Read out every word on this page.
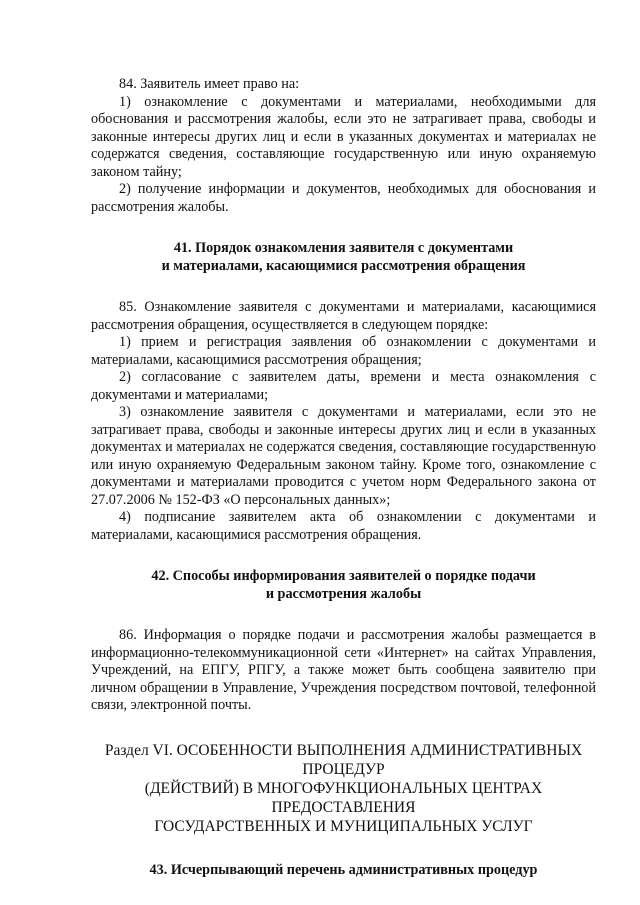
84. Заявитель имеет право на:

1) ознакомление с документами и материалами, необходимыми для обоснования и рассмотрения жалобы, если это не затрагивает права, свободы и законные интересы других лиц и если в указанных документах и материалах не содержатся сведения, составляющие государственную или иную охраняемую законом тайну;

2) получение информации и документов, необходимых для обоснования и рассмотрения жалобы.

41. Порядок ознакомления заявителя с документами
и материалами, касающимися рассмотрения обращения

85. Ознакомление заявителя с документами и материалами, касающимися рассмотрения обращения, осуществляется в следующем порядке:

1) прием и регистрация заявления об ознакомлении с документами и материалами, касающимися рассмотрения обращения;

2) согласование с заявителем даты, времени и места ознакомления с документами и материалами;

3) ознакомление заявителя с документами и материалами, если это не затрагивает права, свободы и законные интересы других лиц и если в указанных документах и материалах не содержатся сведения, составляющие государственную или иную охраняемую Федеральным законом тайну. Кроме того, ознакомление с документами и материалами проводится с учетом норм Федерального закона от 27.07.2006 № 152-ФЗ «О персональных данных»;

4) подписание заявителем акта об ознакомлении с документами и материалами, касающимися рассмотрения обращения.

42. Способы информирования заявителей о порядке подачи
и рассмотрения жалобы

86. Информация о порядке подачи и рассмотрения жалобы размещается в информационно-телекоммуникационной сети «Интернет» на сайтах Управления, Учреждений, на ЕПГУ, РПГУ, а также может быть сообщена заявителю при личном обращении в Управление, Учреждения посредством почтовой, телефонной связи, электронной почты.

Раздел VI. ОСОБЕННОСТИ ВЫПОЛНЕНИЯ АДМИНИСТРАТИВНЫХ
ПРОЦЕДУР
(ДЕЙСТВИЙ) В МНОГОФУНКЦИОНАЛЬНЫХ ЦЕНТРАХ
ПРЕДОСТАВЛЕНИЯ
ГОСУДАРСТВЕННЫХ И МУНИЦИПАЛЬНЫХ УСЛУГ
43. Исчерпывающий перечень административных процедур
